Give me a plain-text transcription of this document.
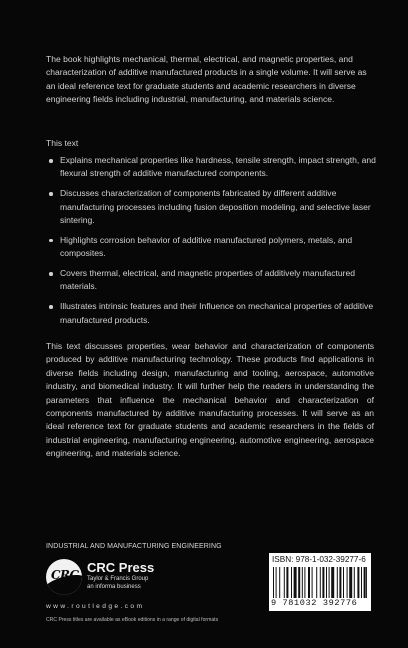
The book highlights mechanical, thermal, electrical, and magnetic properties, and characterization of additive manufactured products in a single volume. It will serve as an ideal reference text for graduate students and academic researchers in diverse engineering fields including industrial, manufacturing, and materials science.
This text
Explains mechanical properties like hardness, tensile strength, impact strength, and flexural strength of additive manufactured components.
Discusses characterization of components fabricated by different additive manufacturing processes including fusion deposition modeling, and selective laser sintering.
Highlights corrosion behavior of additive manufactured polymers, metals, and composites.
Covers thermal, electrical, and magnetic properties of additively manufactured materials.
Illustrates intrinsic features and their Influence on mechanical properties of additive manufactured products.
This text discusses properties, wear behavior and characterization of components produced by additive manufacturing technology. These products find applications in diverse fields including design, manufacturing and tooling, aerospace, automotive industry, and biomedical industry. It will further help the readers in understanding the parameters that influence the mechanical behavior and characterization of components manufactured by additive manufacturing processes. It will serve as an ideal reference text for graduate students and academic researchers in the fields of industrial engineering, manufacturing engineering, automotive engineering, aerospace engineering, and materials science.
INDUSTRIAL AND MANUFACTURING ENGINEERING
CRC CRC Press
Taylor & Francis Group
an informa business
www.routledge.com
CRC Press titles are available as eBook editions in a range of digital formats
ISBN: 978-1-032-39277-6
9 781032 392776
